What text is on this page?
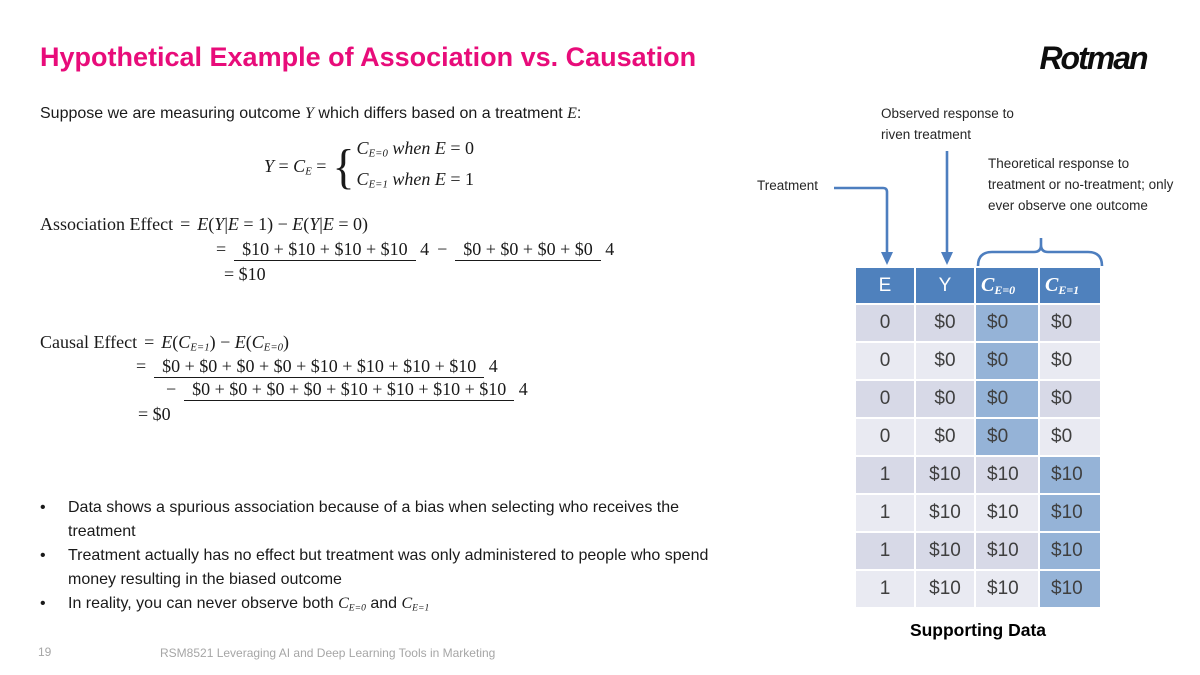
Hypothetical Example of Association vs. Causation	Rotman

Suppose we are measuring outcome Y which differs based on a treatment E:

Y = CE = { CE=0 when E = 0
CE=1 when E = 1
Association Effect = E(Y|E = 1) − E(Y|E = 0)
= $10 + $10 + $10 + $10 4 − $0 + $0 + $0 + $0 4
= $10
Causal Effect = E(CE=1) − E(CE=0)
= $0 + $0 + $0 + $0 + $10 + $10 + $10 + $10 4
− $0 + $0 + $0 + $0 + $10 + $10 + $10 + $10 4
= $0
•	Data shows a spurious association because of a bias when selecting who receives the treatment
•	Treatment actually has no effect but treatment was only administered to people who spend money resulting in the biased outcome
•	In reality, you can never observe both CE=0 and CE=1
Observed response to riven treatment
Treatment
Theoretical response to treatment or no-treatment; only ever observe one outcome
E	Y	CE=0	CE=1
0	$0	$0	$0
0	$0	$0	$0
0	$0	$0	$0
0	$0	$0	$0
1	$10	$10	$10
1	$10	$10	$10
1	$10	$10	$10
1	$10	$10	$10
Supporting Data
19	RSM8521 Leveraging AI and Deep Learning Tools in Marketing
